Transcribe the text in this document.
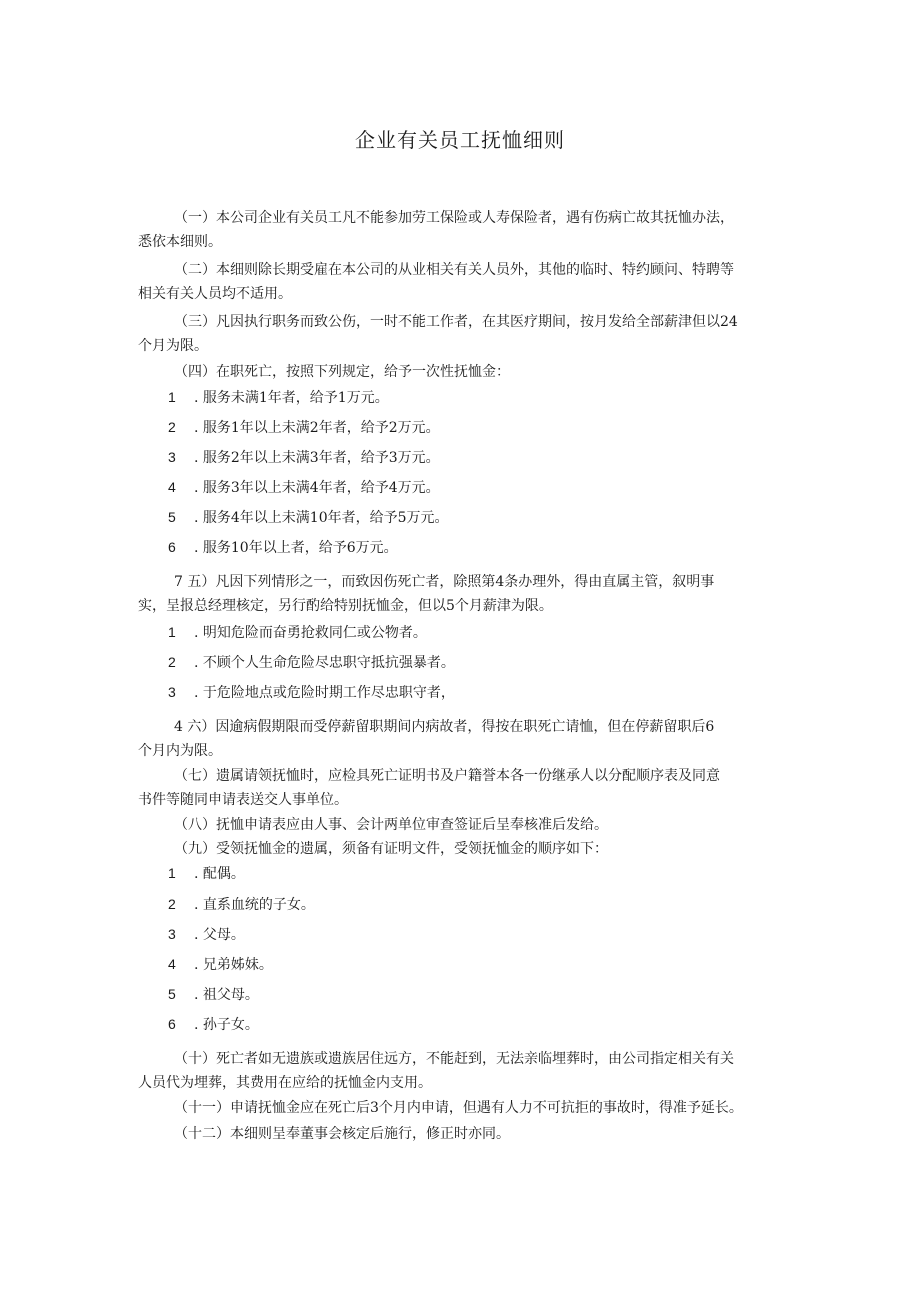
企业有关员工抚恤细则

（一）本公司企业有关员工凡不能参加劳工保险或人寿保险者，遇有伤病亡故其抚恤办法，
悉依本细则。

（二）本细则除长期受雇在本公司的从业相关有关人员外，其他的临时、特约顾问、特聘等
相关有关人员均不适用。

（三）凡因执行职务而致公伤，一时不能工作者，在其医疗期间，按月发给全部薪津但以24
个月为限。

（四）在职死亡，按照下列规定，给予一次性抚恤金：

1 . 服务未满1年者，给予1万元。

2 . 服务1年以上未满2年者，给予2万元。

3 . 服务2年以上未满3年者，给予3万元。

4 . 服务3年以上未满4年者，给予4万元。

5 . 服务4年以上未满10年者，给予5万元。

6 . 服务10年以上者，给予6万元。

7 五）凡因下列情形之一，而致因伤死亡者，除照第4条办理外，得由直属主管，叙明事
实，呈报总经理核定，另行酌给特别抚恤金，但以5个月薪津为限。

1 . 明知危险而奋勇抢救同仁或公物者。

2 . 不顾个人生命危险尽忠职守抵抗强暴者。

3 . 于危险地点或危险时期工作尽忠职守者，

4 六）因逾病假期限而受停薪留职期间内病故者，得按在职死亡请恤，但在停薪留职后6
个月内为限。

（七）遗属请领抚恤时，应检具死亡证明书及户籍誉本各一份继承人以分配顺序表及同意
书件等随同申请表送交人事单位。

（八）抚恤申请表应由人事、会计两单位审查签证后呈奉核准后发给。

（九）受领抚恤金的遗属，须备有证明文件，受领抚恤金的顺序如下：

1 . 配偶。

2 . 直系血统的子女。

3 . 父母。

4 . 兄弟姊妹。

5 . 祖父母。

6 . 孙子女。

（十）死亡者如无遗族或遗族居住远方，不能赶到，无法亲临埋葬时，由公司指定相关有关
人员代为埋葬，其费用在应给的抚恤金内支用。

（十一）申请抚恤金应在死亡后3个月内申请，但遇有人力不可抗拒的事故时，得准予延长。

（十二）本细则呈奉董事会核定后施行，修正时亦同。
